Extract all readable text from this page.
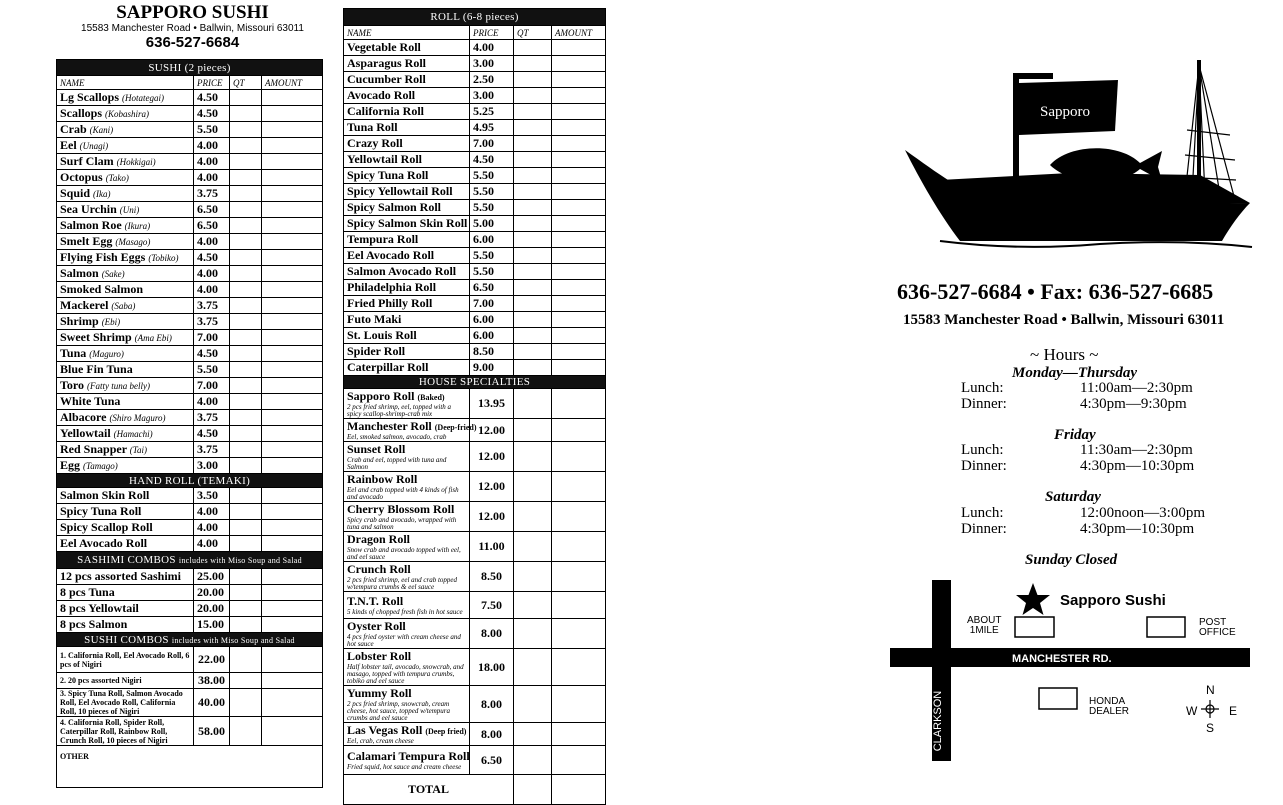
SAPPORO SUSHI
15583 Manchester Road • Ballwin, Missouri 63011
636-527-6684
SUSHI (2 pieces)			
NAME	PRICE	QT	AMOUNT
Lg Scallops (Hotategai)	4.50		
Scallops (Kobashira)	4.50		
Crab (Kani)	5.50		
Eel (Unagi)	4.00		
Surf Clam (Hokkigai)	4.00		
Octopus (Tako)	4.00		
Squid (Ika)	3.75		
Sea Urchin (Uni)	6.50		
Salmon Roe (Ikura)	6.50		
Smelt Egg (Masago)	4.00		
Flying Fish Eggs (Tobiko)	4.50		
Salmon (Sake)	4.00		
Smoked Salmon	4.00		
Mackerel (Saba)	3.75		
Shrimp (Ebi)	3.75		
Sweet Shrimp (Ama Ebi)	7.00		
Tuna (Maguro)	4.50		
Blue Fin Tuna	5.50		
Toro (Fatty tuna belly)	7.00		
White Tuna	4.00		
Albacore (Shiro Maguro)	3.75		
Yellowtail (Hamachi)	4.50		
Red Snapper (Tai)	3.75		
Egg (Tamago)	3.00		
HAND ROLL (TEMAKI)			
Salmon Skin Roll	3.50		
Spicy Tuna Roll	4.00		
Spicy Scallop Roll	4.00		
Eel Avocado Roll	4.00		
SASHIMI COMBOS includes with Miso Soup and Salad			
12 pcs assorted Sashimi	25.00		
8 pcs Tuna	20.00		
8 pcs Yellowtail	20.00		
8 pcs Salmon	15.00		
SUSHI COMBOS includes with Miso Soup and Salad			
1. California Roll, Eel Avocado Roll, 6 pcs of Nigiri	22.00		
2. 20 pcs assorted Nigiri	38.00		
3. Spicy Tuna Roll, Salmon Avocado Roll, Eel Avocado Roll, California Roll, 10 pieces of Nigiri	40.00		
4. California Roll, Spider Roll, Caterpillar Roll, Rainbow Roll, Crunch Roll, 10 pieces of Nigiri	58.00		
OTHER			
ROLL (6-8 pieces)			
NAME	PRICE	QT	AMOUNT
Vegetable Roll	4.00		
Asparagus Roll	3.00		
Cucumber Roll	2.50		
Avocado Roll	3.00		
California Roll	5.25		
Tuna Roll	4.95		
Crazy Roll	7.00		
Yellowtail Roll	4.50		
Spicy Tuna Roll	5.50		
Spicy Yellowtail Roll	5.50		
Spicy Salmon Roll	5.50		
Spicy Salmon Skin Roll	5.00		
Tempura Roll	6.00		
Eel Avocado Roll	5.50		
Salmon Avocado Roll	5.50		
Philadelphia Roll	6.50		
Fried Philly Roll	7.00		
Futo Maki	6.00		
St. Louis Roll	6.00		
Spider Roll	8.50		
Caterpillar Roll	9.00		
HOUSE SPECIALTIES			
Sapporo Roll (Baked)
2 pcs fried shrimp, eel, topped with a spicy scallop-shrimp-crab mix	13.95		
Manchester Roll (Deep-fried)
Eel, smoked salmon, avocado, crab	12.00		
Sunset Roll
Crab and eel, topped with tuna and Salmon	12.00		
Rainbow Roll
Eel and crab topped with 4 kinds of fish and avocado	12.00		
Cherry Blossom Roll
Spicy crab and avocado, wrapped with tuna and salmon	12.00		
Dragon Roll
Snow crab and avocado topped with eel, and eel sauce	11.00		
Crunch Roll
2 pcs fried shrimp, eel and crab topped w/tempura crumbs & eel sauce	8.50		
T.N.T. Roll
5 kinds of chopped fresh fish in hot sauce	7.50		
Oyster Roll
4 pcs fried oyster with cream cheese and hot sauce	8.00		
Lobster Roll
Half lobster tail, avocado, snowcrab, and masago, topped with tempura crumbs, tobiko and eel sauce	18.00		
Yummy Roll
2 pcs fried shrimp, snowcrab, cream cheese, hot sauce, topped w/tempura crumbs and eel sauce	8.00		
Las Vegas Roll (Deep fried)
Eel, crab, cream cheese	8.00		
Calamari Tempura Roll
Fried squid, hot sauce and cream cheese	6.50		

TOTAL			

Sapporo
636-527-6684 • Fax: 636-527-6685
15583 Manchester Road • Ballwin, Missouri 63011
~ Hours ~
Monday—Thursday
Lunch:	11:00am—2:30pm
Dinner:	4:30pm—9:30pm
Friday
Lunch:	11:30am—2:30pm
Dinner:	4:30pm—10:30pm
Saturday
Lunch:	12:00noon—3:00pm
Dinner:	4:30pm—10:30pm
Sunday Closed
Sapporo Sushi
ABOUT
1MILE
POST
OFFICE
MANCHESTER RD.
HONDA
DEALER
CLARKSON
N
S
W	E
